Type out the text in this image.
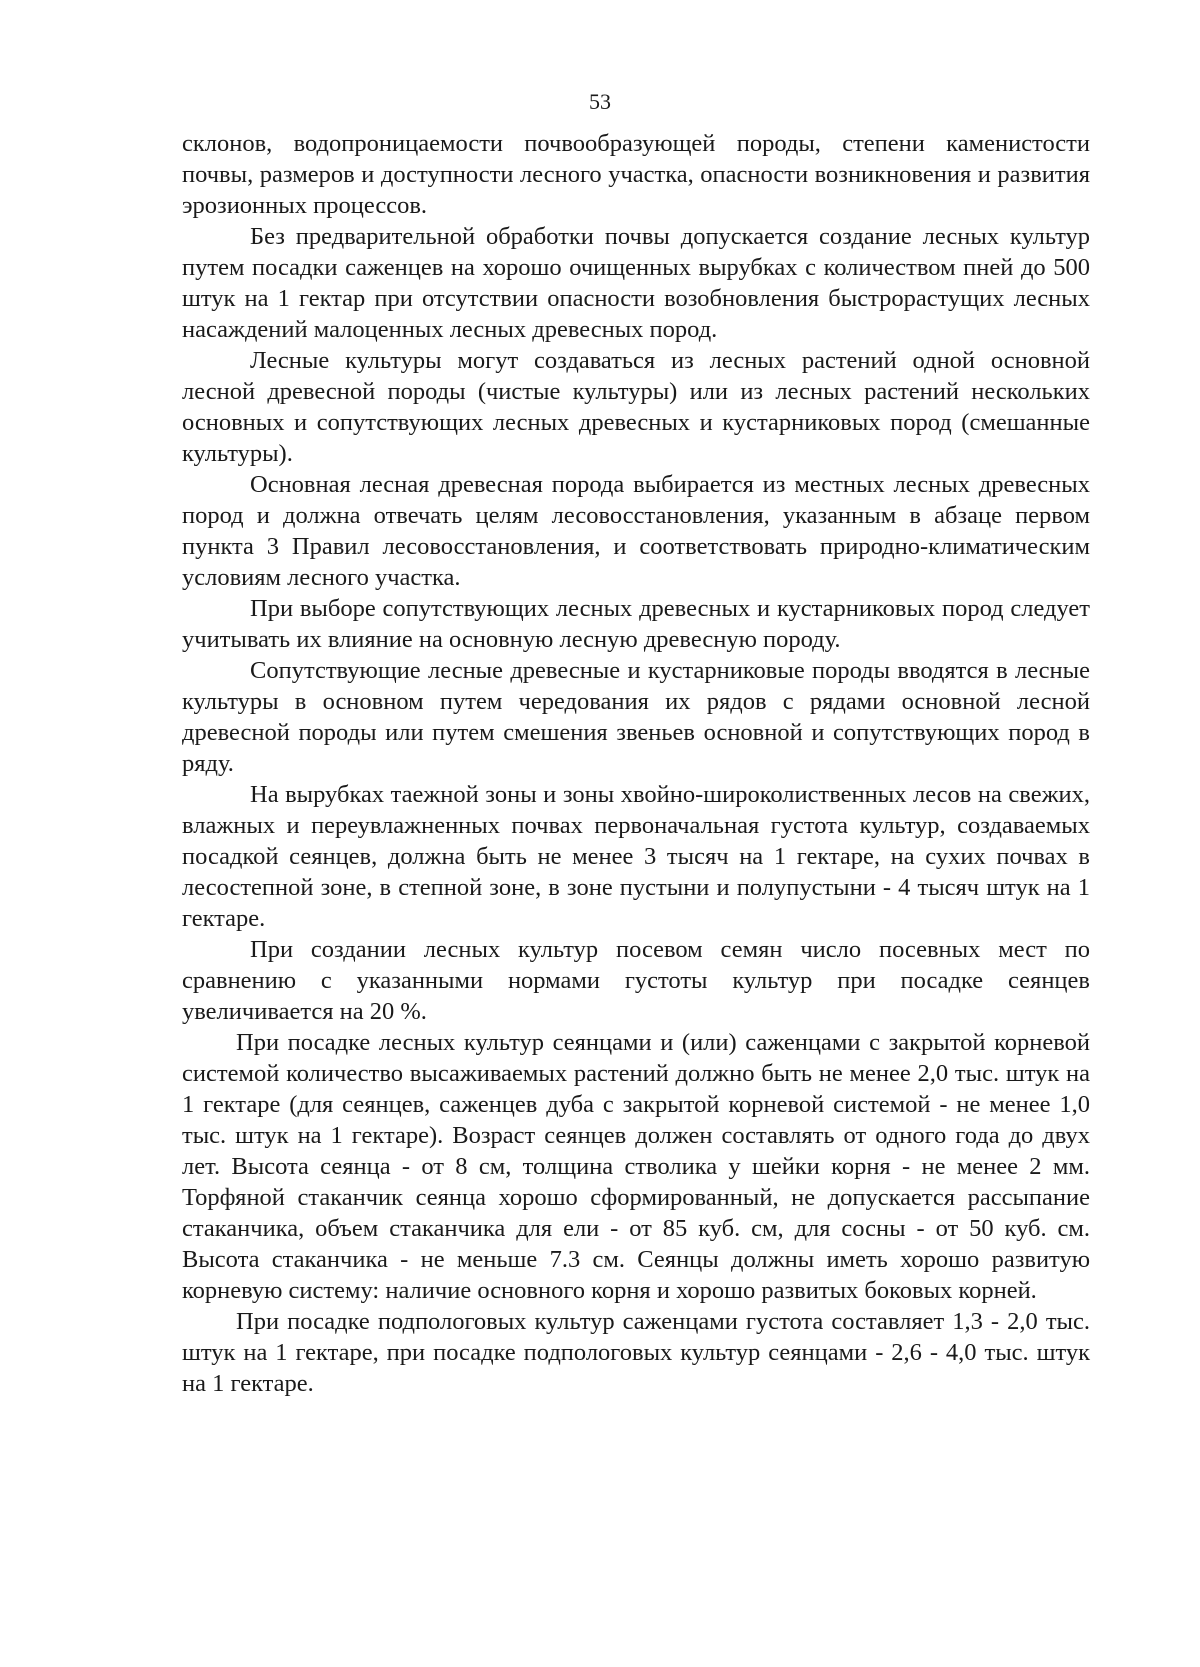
53

склонов, водопроницаемости почвообразующей породы, степени каменистости почвы, размеров и доступности лесного участка, опасности возникновения и развития эрозионных процессов.

Без предварительной обработки почвы допускается создание лесных культур путем посадки саженцев на хорошо очищенных вырубках с количеством пней до 500 штук на 1 гектар при отсутствии опасности возобновления быстрорастущих лесных насаждений малоценных лесных древесных пород.

Лесные культуры могут создаваться из лесных растений одной основной лесной древесной породы (чистые культуры) или из лесных растений нескольких основных и сопутствующих лесных древесных и кустарниковых пород (смешанные культуры).

Основная лесная древесная порода выбирается из местных лесных древесных пород и должна отвечать целям лесовосстановления, указанным в абзаце первом пункта 3 Правил лесовосстановления, и соответствовать природно-климатическим условиям лесного участка.

При выборе сопутствующих лесных древесных и кустарниковых пород следует учитывать их влияние на основную лесную древесную породу.

Сопутствующие лесные древесные и кустарниковые породы вводятся в лесные культуры в основном путем чередования их рядов с рядами основной лесной древесной породы или путем смешения звеньев основной и сопутствующих пород в ряду.

На вырубках таежной зоны и зоны хвойно-широколиственных лесов на свежих, влажных и переувлажненных почвах первоначальная густота культур, создаваемых посадкой сеянцев, должна быть не менее 3 тысяч на 1 гектаре, на сухих почвах в лесостепной зоне, в степной зоне, в зоне пустыни и полупустыни - 4 тысяч штук на 1 гектаре.

При создании лесных культур посевом семян число посевных мест по сравнению с указанными нормами густоты культур при посадке сеянцев увеличивается на 20 %.

При посадке лесных культур сеянцами и (или) саженцами с закрытой корневой системой количество высаживаемых растений должно быть не менее 2,0 тыс. штук на 1 гектаре (для сеянцев, саженцев дуба с закрытой корневой системой - не менее 1,0 тыс. штук на 1 гектаре). Возраст сеянцев должен составлять от одного года до двух лет. Высота сеянца - от 8 см, толщина стволика у шейки корня - не менее 2 мм. Торфяной стаканчик сеянца хорошо сформированный, не допускается рассыпание стаканчика, объем стаканчика для ели - от 85 куб. см, для сосны - от 50 куб. см. Высота стаканчика - не меньше 7.3 см. Сеянцы должны иметь хорошо развитую корневую систему: наличие основного корня и хорошо развитых боковых корней.

При посадке подпологовых культур саженцами густота составляет 1,3 - 2,0 тыс. штук на 1 гектаре, при посадке подпологовых культур сеянцами - 2,6 - 4,0 тыс. штук на 1 гектаре.
